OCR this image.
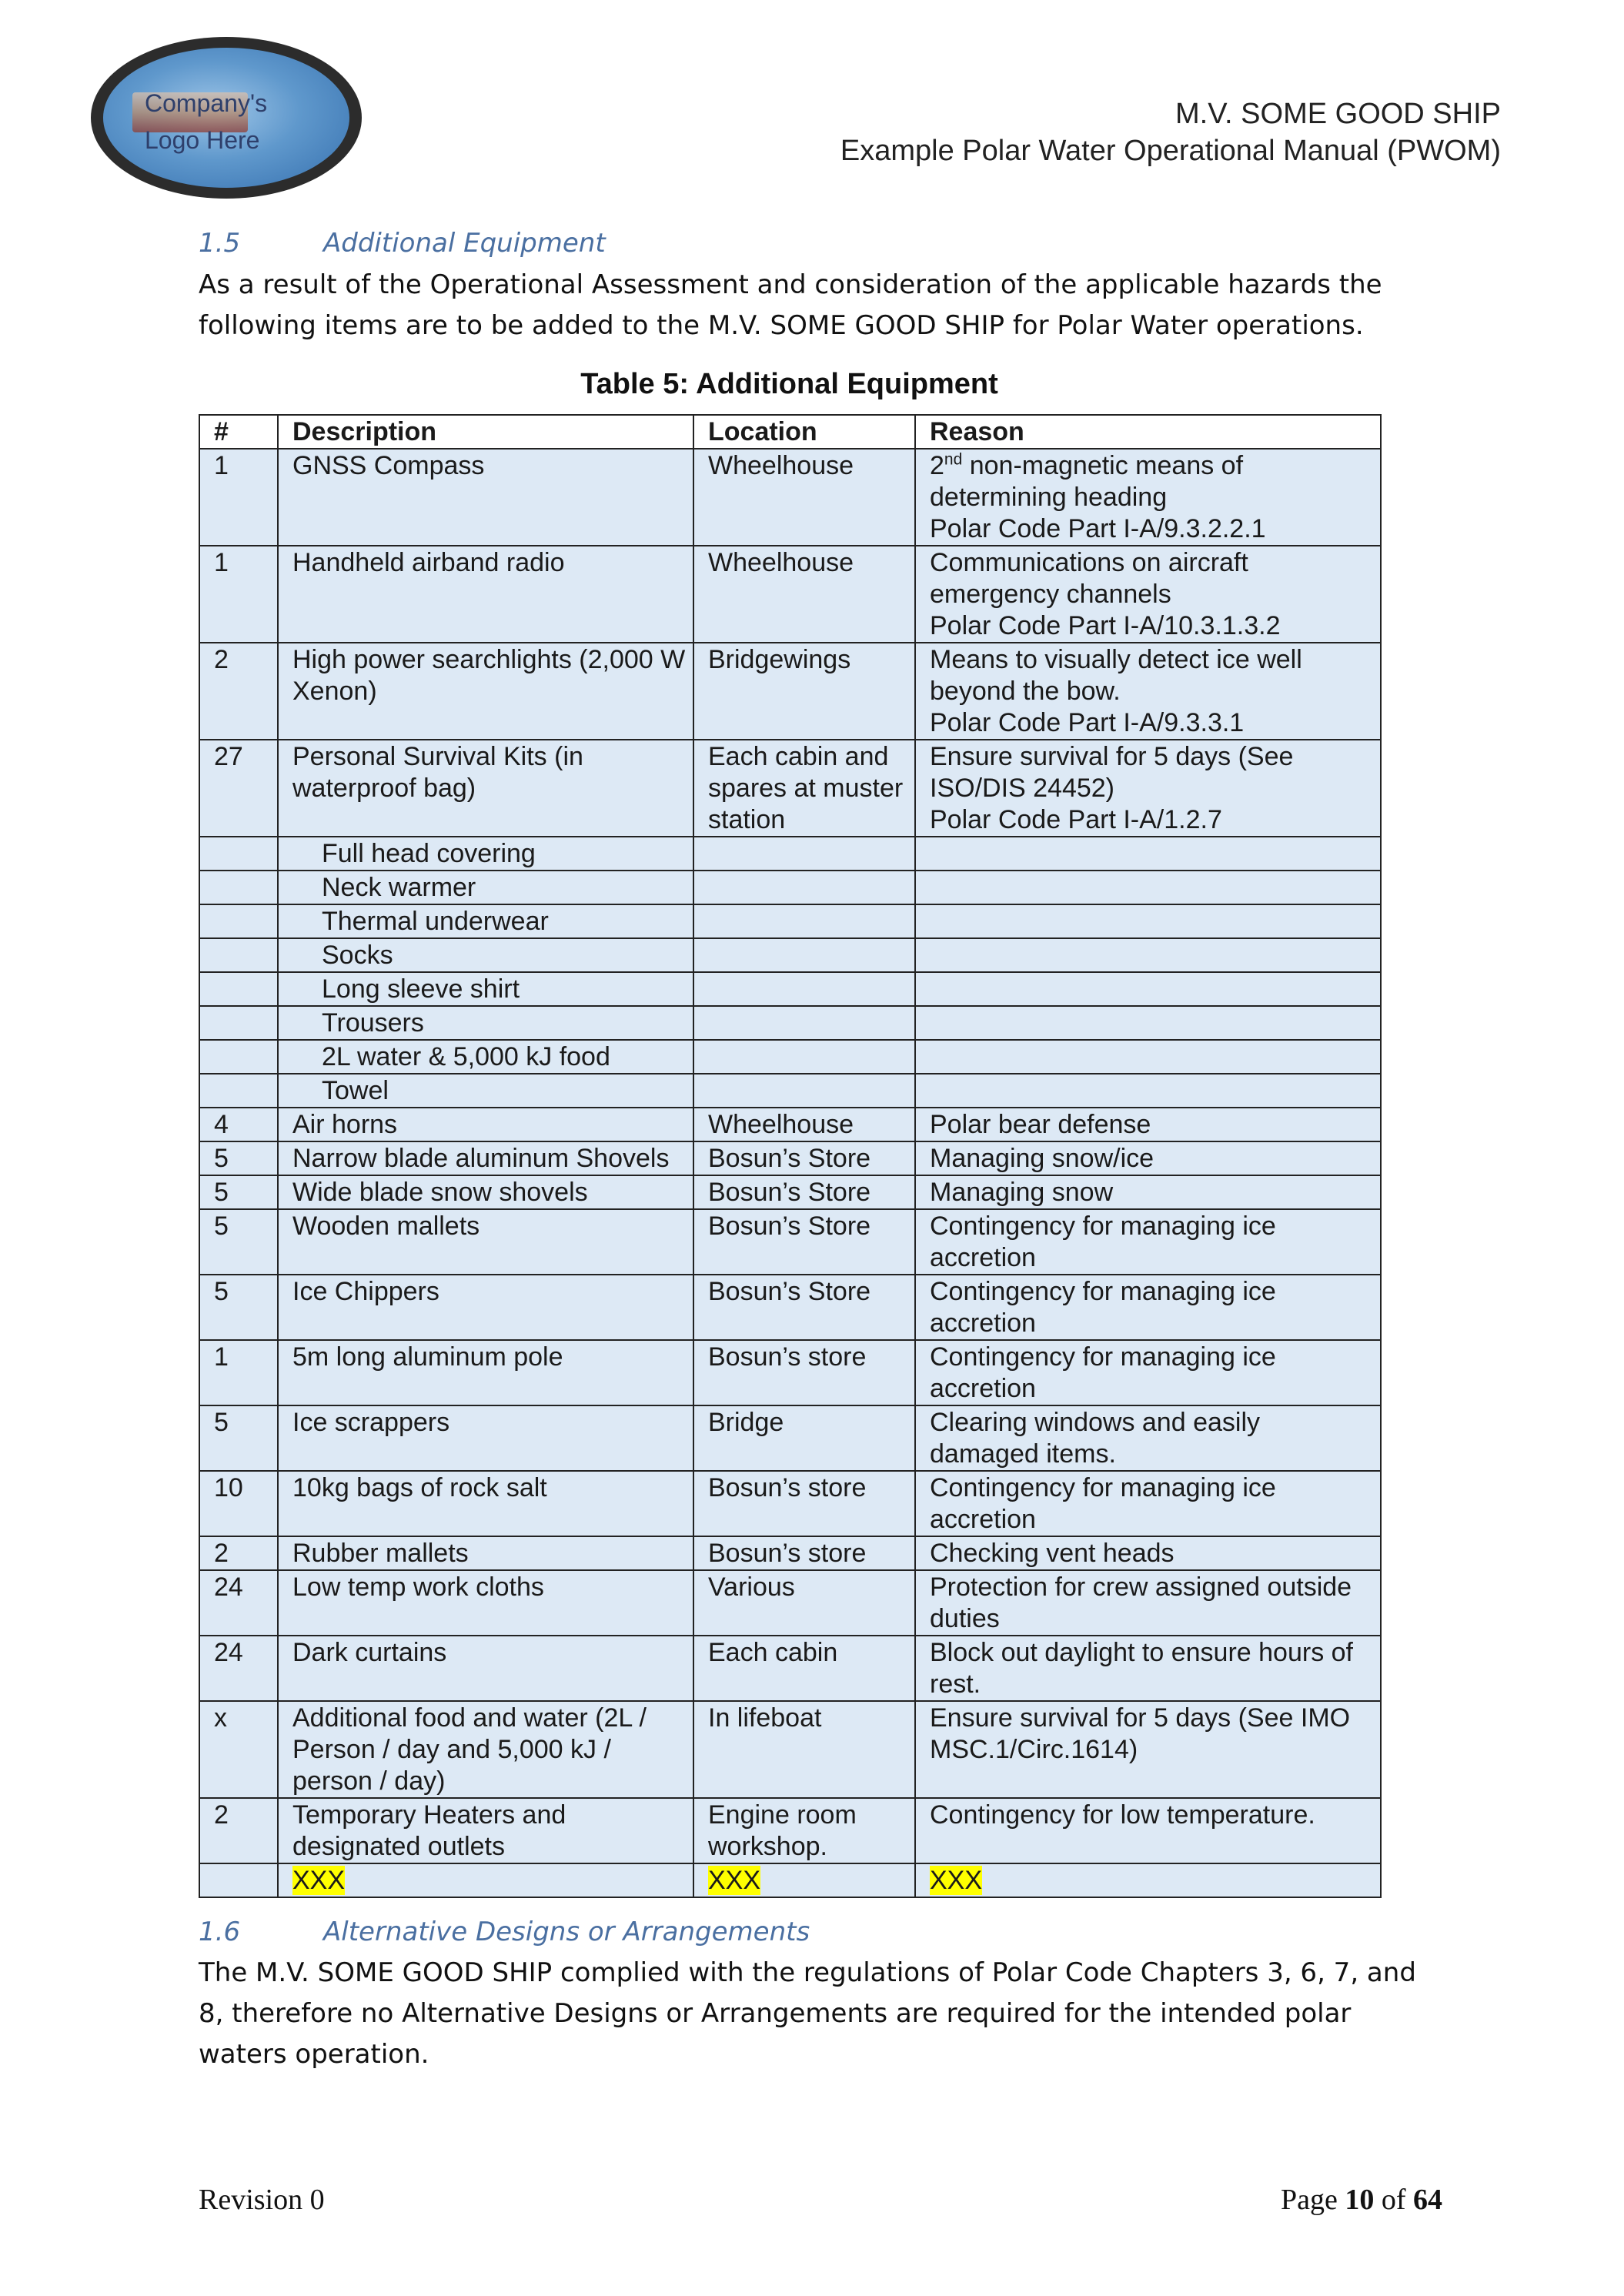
Company's
Logo Here
M.V. SOME GOOD SHIP
Example Polar Water Operational Manual (PWOM)
1.5	Additional Equipment
As a result of the Operational Assessment and consideration of the applicable hazards the following items are to be added to the M.V. SOME GOOD SHIP for Polar Water operations.
Table 5: Additional Equipment
#	Description	Location	Reason
1	GNSS Compass	Wheelhouse	2nd non-magnetic means of determining heading
Polar Code Part I-A/9.3.2.2.1

1	Handheld airband radio	Wheelhouse	Communications on aircraft emergency channels
Polar Code Part I-A/10.3.1.3.2

2	High power searchlights (2,000 W Xenon)	Bridgewings	Means to visually detect ice well beyond the bow.
Polar Code Part I-A/9.3.3.1

27	Personal Survival Kits (in waterproof bag)	Each cabin and spares at muster station	Ensure survival for 5 days (See ISO/DIS 24452)
Polar Code Part I-A/1.2.7

	Full head covering		

	Neck warmer		

	Thermal underwear		

	Socks		

	Long sleeve shirt		

	Trousers		

	2L water & 5,000 kJ food		

	Towel		

4	Air horns	Wheelhouse	Polar bear defense

5	Narrow blade aluminum Shovels	Bosun’s Store	Managing snow/ice

5	Wide blade snow shovels	Bosun’s Store	Managing snow

5	Wooden mallets	Bosun’s Store	Contingency for managing ice accretion

5	Ice Chippers	Bosun’s Store	Contingency for managing ice accretion

1	5m long aluminum pole	Bosun’s store	Contingency for managing ice accretion

5	Ice scrappers	Bridge	Clearing windows and easily damaged items.

10	10kg bags of rock salt	Bosun’s store	Contingency for managing ice accretion

2	Rubber mallets	Bosun’s store	Checking vent heads

24	Low temp work cloths	Various	Protection for crew assigned outside duties

24	Dark curtains	Each cabin	Block out daylight to ensure hours of rest.

x	Additional food and water (2L / Person / day and 5,000 kJ / person / day)	In lifeboat	Ensure survival for 5 days (See IMO MSC.1/Circ.1614)

2	Temporary Heaters and designated outlets	Engine room workshop.	Contingency for low temperature.

	XXX	XXX	XXX
1.6	Alternative Designs or Arrangements
The M.V. SOME GOOD SHIP complied with the regulations of Polar Code Chapters 3, 6, 7, and 8, therefore no Alternative Designs or Arrangements are required for the intended polar waters operation.
Revision 0	Page 10 of 64
